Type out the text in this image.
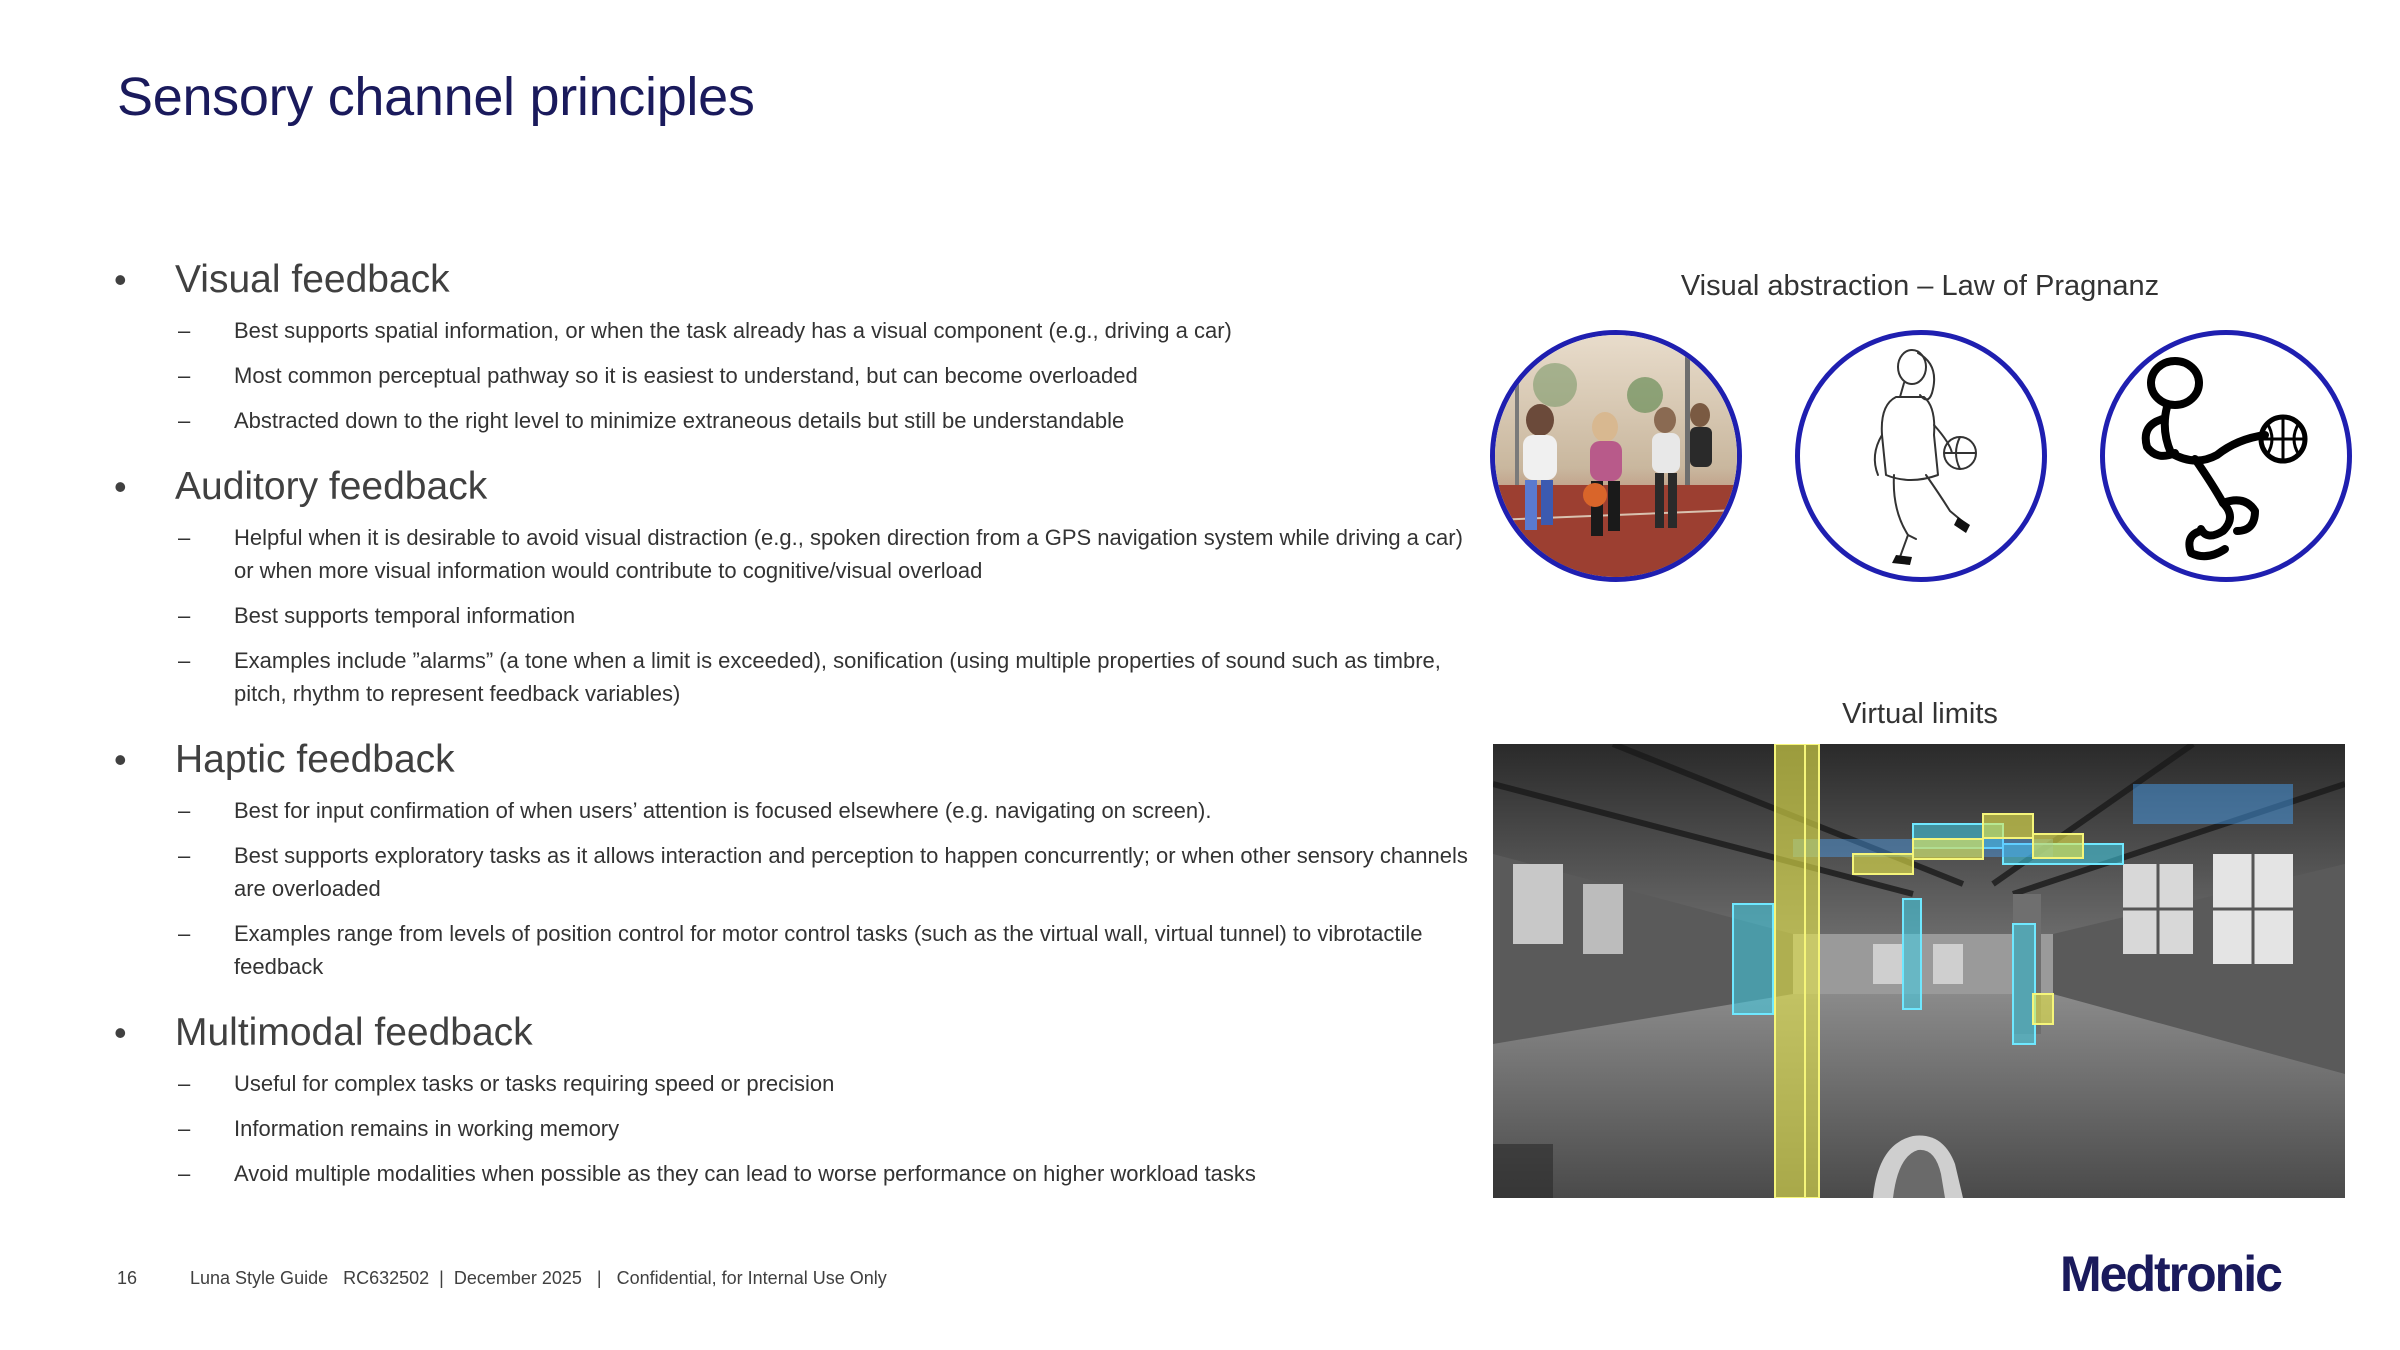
Sensory channel principles
•	Visual feedback
–	Best supports spatial information, or when the task already has a visual component (e.g., driving a car)
–	Most common perceptual pathway so it is easiest to understand, but can become overloaded
–	Abstracted down to the right level to minimize extraneous details but still be understandable
•	Auditory feedback
–	Helpful when it is desirable to avoid visual distraction (e.g., spoken direction from a GPS navigation system while driving a car) or when more visual information would contribute to cognitive/visual overload
–	Best supports temporal information
–	Examples include ”alarms” (a tone when a limit is exceeded), sonification (using multiple properties of sound such as timbre, pitch, rhythm to represent feedback variables)
•	Haptic feedback
–	Best for input confirmation of when users’ attention is focused elsewhere (e.g. navigating on screen).
–	Best supports exploratory tasks as it allows interaction and perception to happen concurrently; or when other sensory channels are overloaded
–	Examples range from levels of position control for motor control tasks (such as the virtual wall, virtual tunnel) to vibrotactile feedback
•	Multimodal feedback
–	Useful for complex tasks or tasks requiring speed or precision
–	Information remains in working memory
–	Avoid multiple modalities when possible as they can lead to worse performance on higher workload tasks
Visual abstraction – Law of Pragnanz
Virtual limits
16	Luna Style Guide   RC632502  |  December 2025   |   Confidential, for Internal Use Only	Medtronic
